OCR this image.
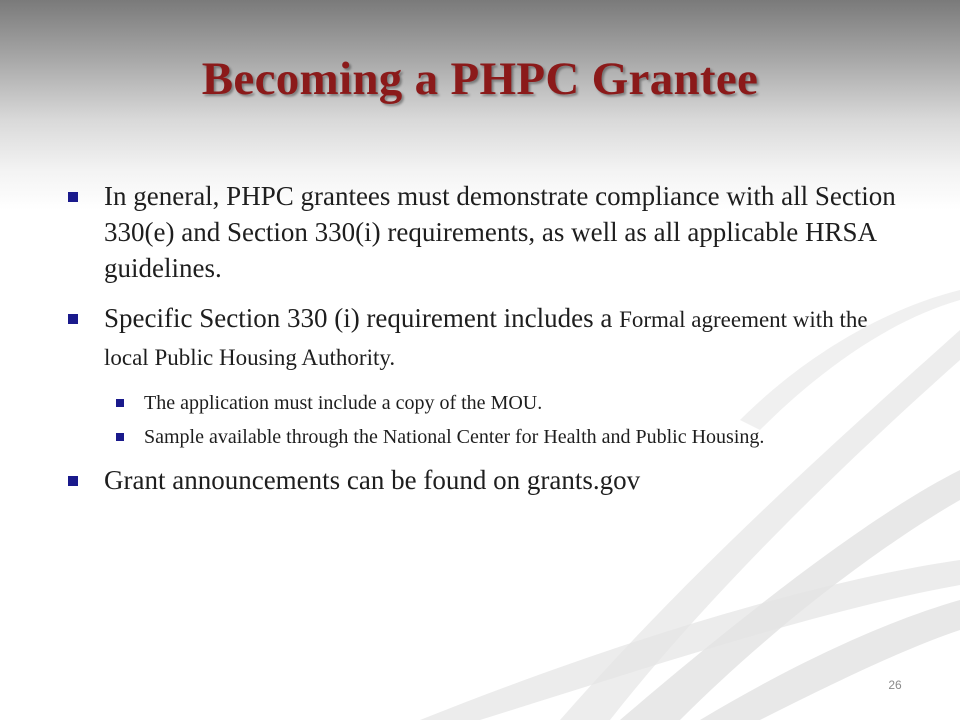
Becoming a PHPC Grantee
In general, PHPC grantees must demonstrate compliance with all Section 330(e) and Section 330(i) requirements, as well as all applicable HRSA guidelines.
Specific Section 330 (i) requirement includes a Formal agreement with the local Public Housing Authority.
The application must include a copy of the MOU.
Sample available through the National Center for Health and Public Housing.
Grant announcements can be found on grants.gov
26
